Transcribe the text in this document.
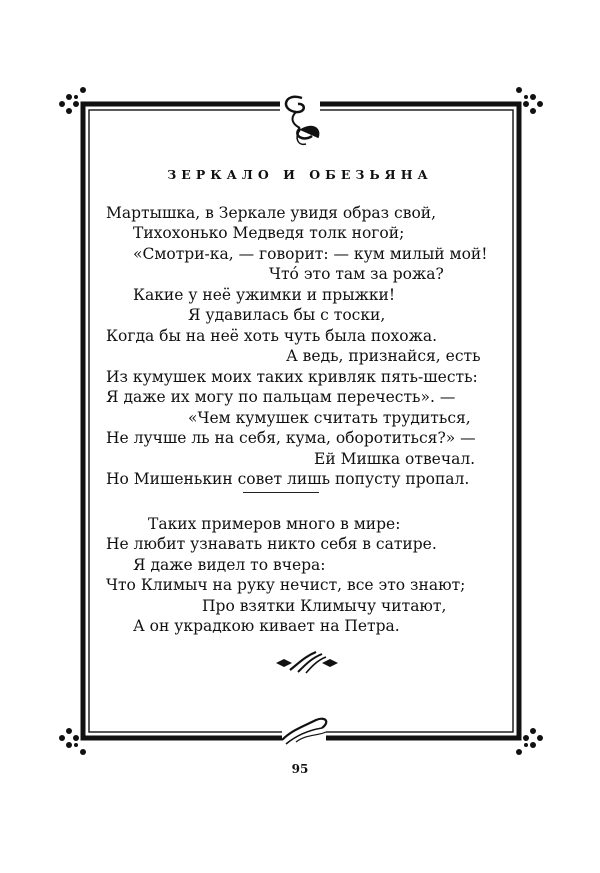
ЗЕРКАЛО И ОБЕЗЬЯНА
Мартышка, в Зеркале увидя образ свой,
Тихохонько Медведя толк ногой;
«Смотри-ка, — говорит: — кум милый мой!
Что́ это там за рожа?
Какие у неё ужимки и прыжки!
Я удавилась бы с тоски,
Когда бы на неё хоть чуть была похожа.
А ведь, признайся, есть
Из кумушек моих таких кривляк пять-шесть:
Я даже их могу по пальцам перечесть». —
«Чем кумушек считать трудиться,
Не лучше ль на себя, кума, оборотиться?» —
Ей Мишка отвечал.
Но Мишенькин совет лишь попусту пропал.
Таких примеров много в мире:
Не любит узнавать никто себя в сатире.
Я даже видел то вчера:
Что Климыч на руку нечист, все это знают;
Про взятки Климычу читают,
А он украдкою кивает на Петра.
95
